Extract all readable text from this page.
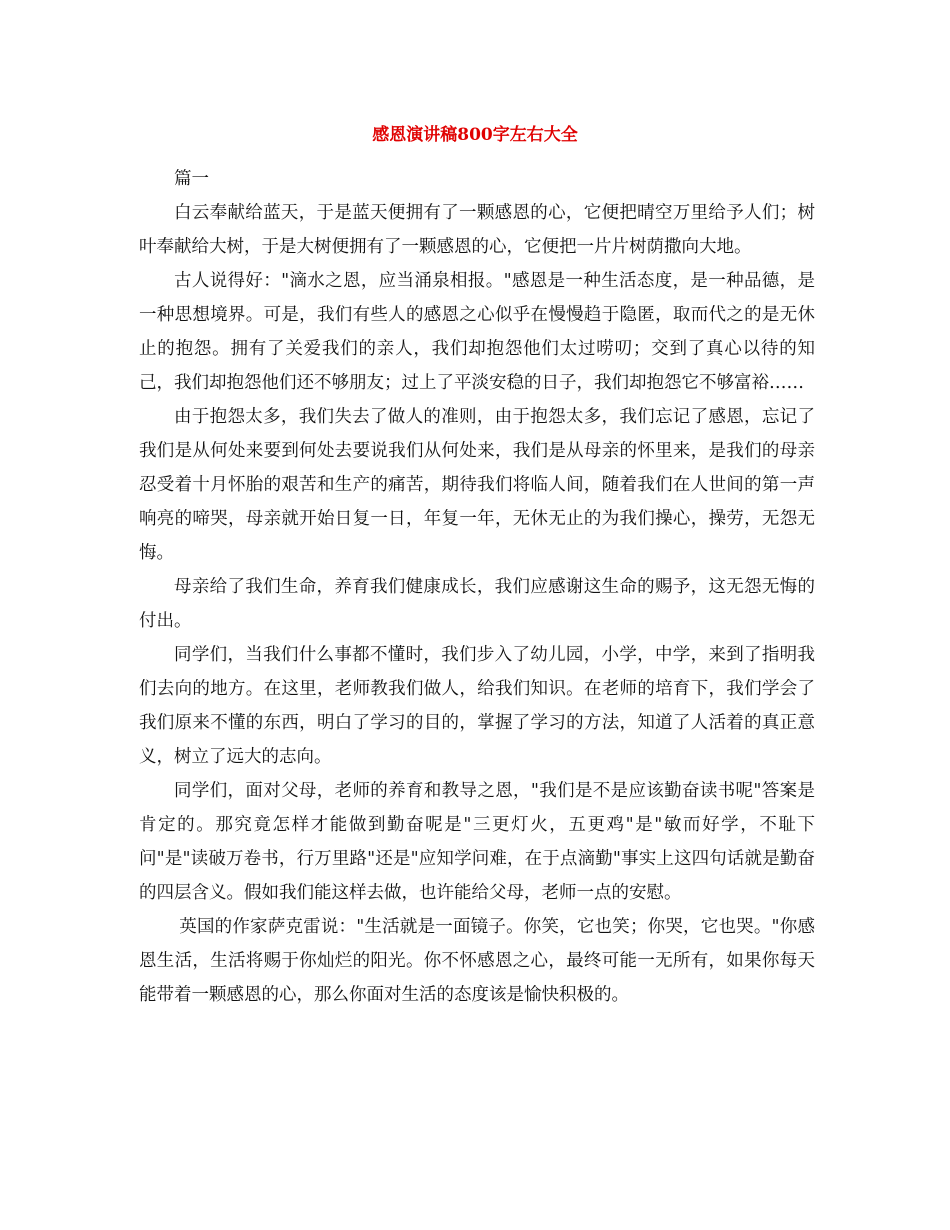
感恩演讲稿800字左右大全

篇一

白云奉献给蓝天，于是蓝天便拥有了一颗感恩的心，它便把晴空万里给予人们；树叶奉献给大树，于是大树便拥有了一颗感恩的心，它便把一片片树荫撒向大地。

古人说得好："滴水之恩，应当涌泉相报。"感恩是一种生活态度，是一种品德，是一种思想境界。可是，我们有些人的感恩之心似乎在慢慢趋于隐匿，取而代之的是无休止的抱怨。拥有了关爱我们的亲人，我们却抱怨他们太过唠叨；交到了真心以待的知己，我们却抱怨他们还不够朋友；过上了平淡安稳的日子，我们却抱怨它不够富裕……

由于抱怨太多，我们失去了做人的准则，由于抱怨太多，我们忘记了感恩，忘记了我们是从何处来要到何处去要说我们从何处来，我们是从母亲的怀里来，是我们的母亲忍受着十月怀胎的艰苦和生产的痛苦，期待我们将临人间，随着我们在人世间的第一声响亮的啼哭，母亲就开始日复一日，年复一年，无休无止的为我们操心，操劳，无怨无悔。

母亲给了我们生命，养育我们健康成长，我们应感谢这生命的赐予，这无怨无悔的付出。

同学们，当我们什么事都不懂时，我们步入了幼儿园，小学，中学，来到了指明我们去向的地方。在这里，老师教我们做人，给我们知识。在老师的培育下，我们学会了我们原来不懂的东西，明白了学习的目的，掌握了学习的方法，知道了人活着的真正意义，树立了远大的志向。

同学们，面对父母，老师的养育和教导之恩，"我们是不是应该勤奋读书呢"答案是肯定的。那究竟怎样才能做到勤奋呢是"三更灯火，五更鸡"是"敏而好学，不耻下问"是"读破万卷书，行万里路"还是"应知学问难，在于点滴勤"事实上这四句话就是勤奋的四层含义。假如我们能这样去做，也许能给父母，老师一点的安慰。

英国的作家萨克雷说："生活就是一面镜子。你笑，它也笑；你哭，它也哭。"你感恩生活，生活将赐于你灿烂的阳光。你不怀感恩之心，最终可能一无所有，如果你每天能带着一颗感恩的心，那么你面对生活的态度该是愉快积极的。
